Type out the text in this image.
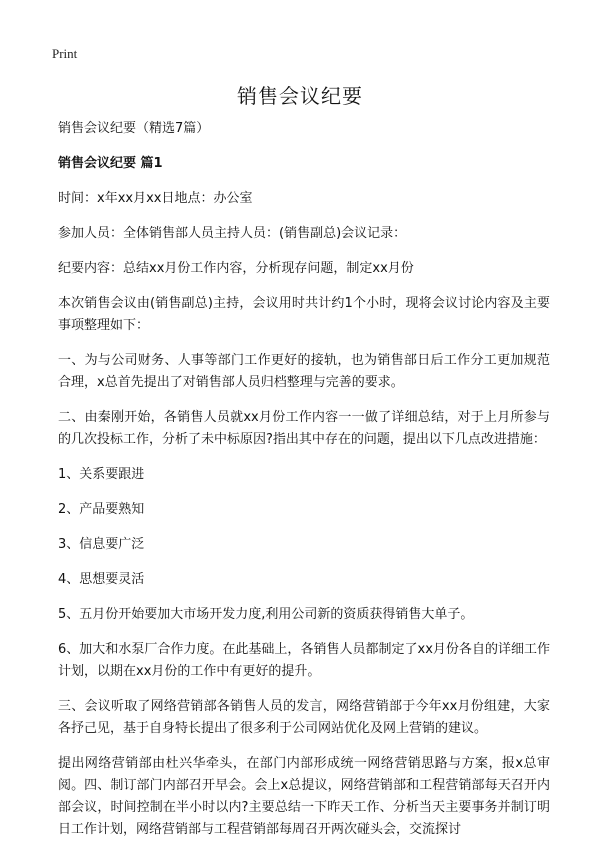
Print
销售会议纪要

销售会议纪要（精选7篇）

销售会议纪要 篇1

时间：x年xx月xx日地点：办公室

参加人员：全体销售部人员主持人员：(销售副总)会议记录：

纪要内容：总结xx月份工作内容，分析现存问题，制定xx月份

本次销售会议由(销售副总)主持，会议用时共计约1个小时，现将会议讨论内容及主要事项整理如下：

一、为与公司财务、人事等部门工作更好的接轨，也为销售部日后工作分工更加规范合理，x总首先提出了对销售部人员归档整理与完善的要求。

二、由秦刚开始，各销售人员就xx月份工作内容一一做了详细总结，对于上月所参与的几次投标工作，分析了未中标原因?指出其中存在的问题，提出以下几点改进措施：

1、关系要跟进

2、产品要熟知

3、信息要广泛

4、思想要灵活

5、五月份开始要加大市场开发力度,利用公司新的资质获得销售大单子。

6、加大和水泵厂合作力度。在此基础上，各销售人员都制定了xx月份各自的详细工作计划，以期在xx月份的工作中有更好的提升。

三、会议听取了网络营销部各销售人员的发言，网络营销部于今年xx月份组建，大家各抒己见，基于自身特长提出了很多利于公司网站优化及网上营销的建议。

提出网络营销部由杜兴华牵头，在部门内部形成统一网络营销思路与方案，报x总审阅。四、制订部门内部召开早会。会上x总提议，网络营销部和工程营销部每天召开内部会议，时间控制在半小时以内?主要总结一下昨天工作、分析当天主要事务并制订明日工作计划，网络营销部与工程营销部每周召开两次碰头会，交流探讨
